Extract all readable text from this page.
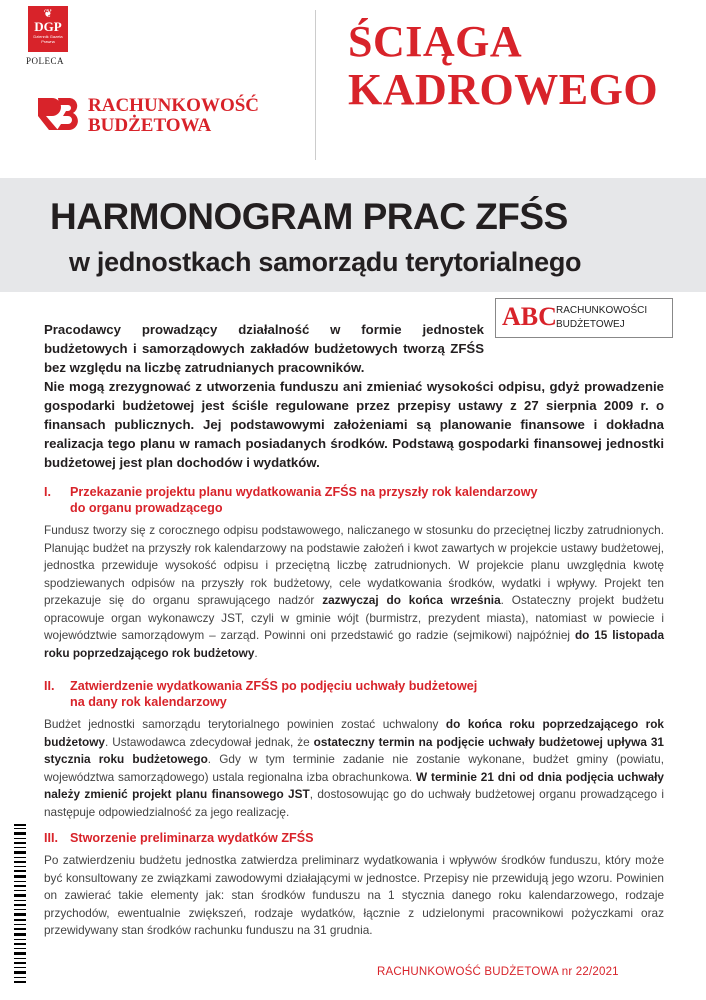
❦
DGP
Dziennik Gazeta Prawna
POLECA
RACHUNKOWOŚĆ
BUDŻETOWA
ŚCIĄGA
KADROWEGO
HARMONOGRAM PRAC ZFŚS
w jednostkach samorządu terytorialnego
ABC RACHUNKOWOŚCI
BUDŻETOWEJ

Pracodawcy prowadzący działalność w formie jednostek budżetowych i samorządowych zakładów budżetowych tworzą ZFŚS bez względu na liczbę zatrudnianych pracowników.

Nie mogą zrezygnować z utworzenia funduszu ani zmieniać wysokości odpisu, gdyż prowadzenie gospodarki budżetowej jest ściśle regulowane przez przepisy ustawy z 27 sierpnia 2009 r. o finansach publicznych. Jej podstawowymi założeniami są planowanie finansowe i dokładna realizacja tego planu w ramach posiadanych środków. Podstawą gospodarki finansowej jednostki budżetowej jest plan dochodów i wydatków.

I. Przekazanie projektu planu wydatkowania ZFŚS na przyszły rok kalendarzowy
do organu prowadzącego
Fundusz tworzy się z corocznego odpisu podstawowego, naliczanego w stosunku do przeciętnej liczby zatrudnionych. Planując budżet na przyszły rok kalendarzowy na podstawie założeń i kwot zawartych w projekcie ustawy budżetowej, jednostka przewiduje wysokość odpisu i przeciętną liczbę zatrudnionych. W projekcie planu uwzględnia kwotę spodziewanych odpisów na przyszły rok budżetowy, cele wydatkowania środków, wydatki i wpływy. Projekt ten przekazuje się do organu sprawującego nadzór zazwyczaj do końca września. Ostateczny projekt budżetu opracowuje organ wykonawczy JST, czyli w gminie wójt (burmistrz, prezydent miasta), natomiast w powiecie i województwie samorządowym – zarząd. Powinni oni przedstawić go radzie (sejmikowi) najpóźniej do 15 listopada roku poprzedzającego rok budżetowy.
II. Zatwierdzenie wydatkowania ZFŚS po podjęciu uchwały budżetowej
na dany rok kalendarzowy
Budżet jednostki samorządu terytorialnego powinien zostać uchwalony do końca roku poprzedzającego rok budżetowy. Ustawodawca zdecydował jednak, że ostateczny termin na podjęcie uchwały budżetowej upływa 31 stycznia roku budżetowego. Gdy w tym terminie zadanie nie zostanie wykonane, budżet gminy (powiatu, województwa samorządowego) ustala regionalna izba obrachunkowa. W terminie 21 dni od dnia podjęcia uchwały należy zmienić projekt planu finansowego JST, dostosowując go do uchwały budżetowej organu prowadzącego i następuje odpowiedzialność za jego realizację.
III. Stworzenie preliminarza wydatków ZFŚS
Po zatwierdzeniu budżetu jednostka zatwierdza preliminarz wydatkowania i wpływów środków funduszu, który może być konsultowany ze związkami zawodowymi działającymi w jednostce. Przepisy nie przewidują jego wzoru. Powinien on zawierać takie elementy jak: stan środków funduszu na 1 stycznia danego roku kalendarzowego, rodzaje przychodów, ewentualnie zwiększeń, rodzaje wydatków, łącznie z udzielonymi pracownikowi pożyczkami oraz przewidywany stan środków rachunku funduszu na 31 grudnia.
RACHUNKOWOŚĆ BUDŻETOWA nr 22/2021
